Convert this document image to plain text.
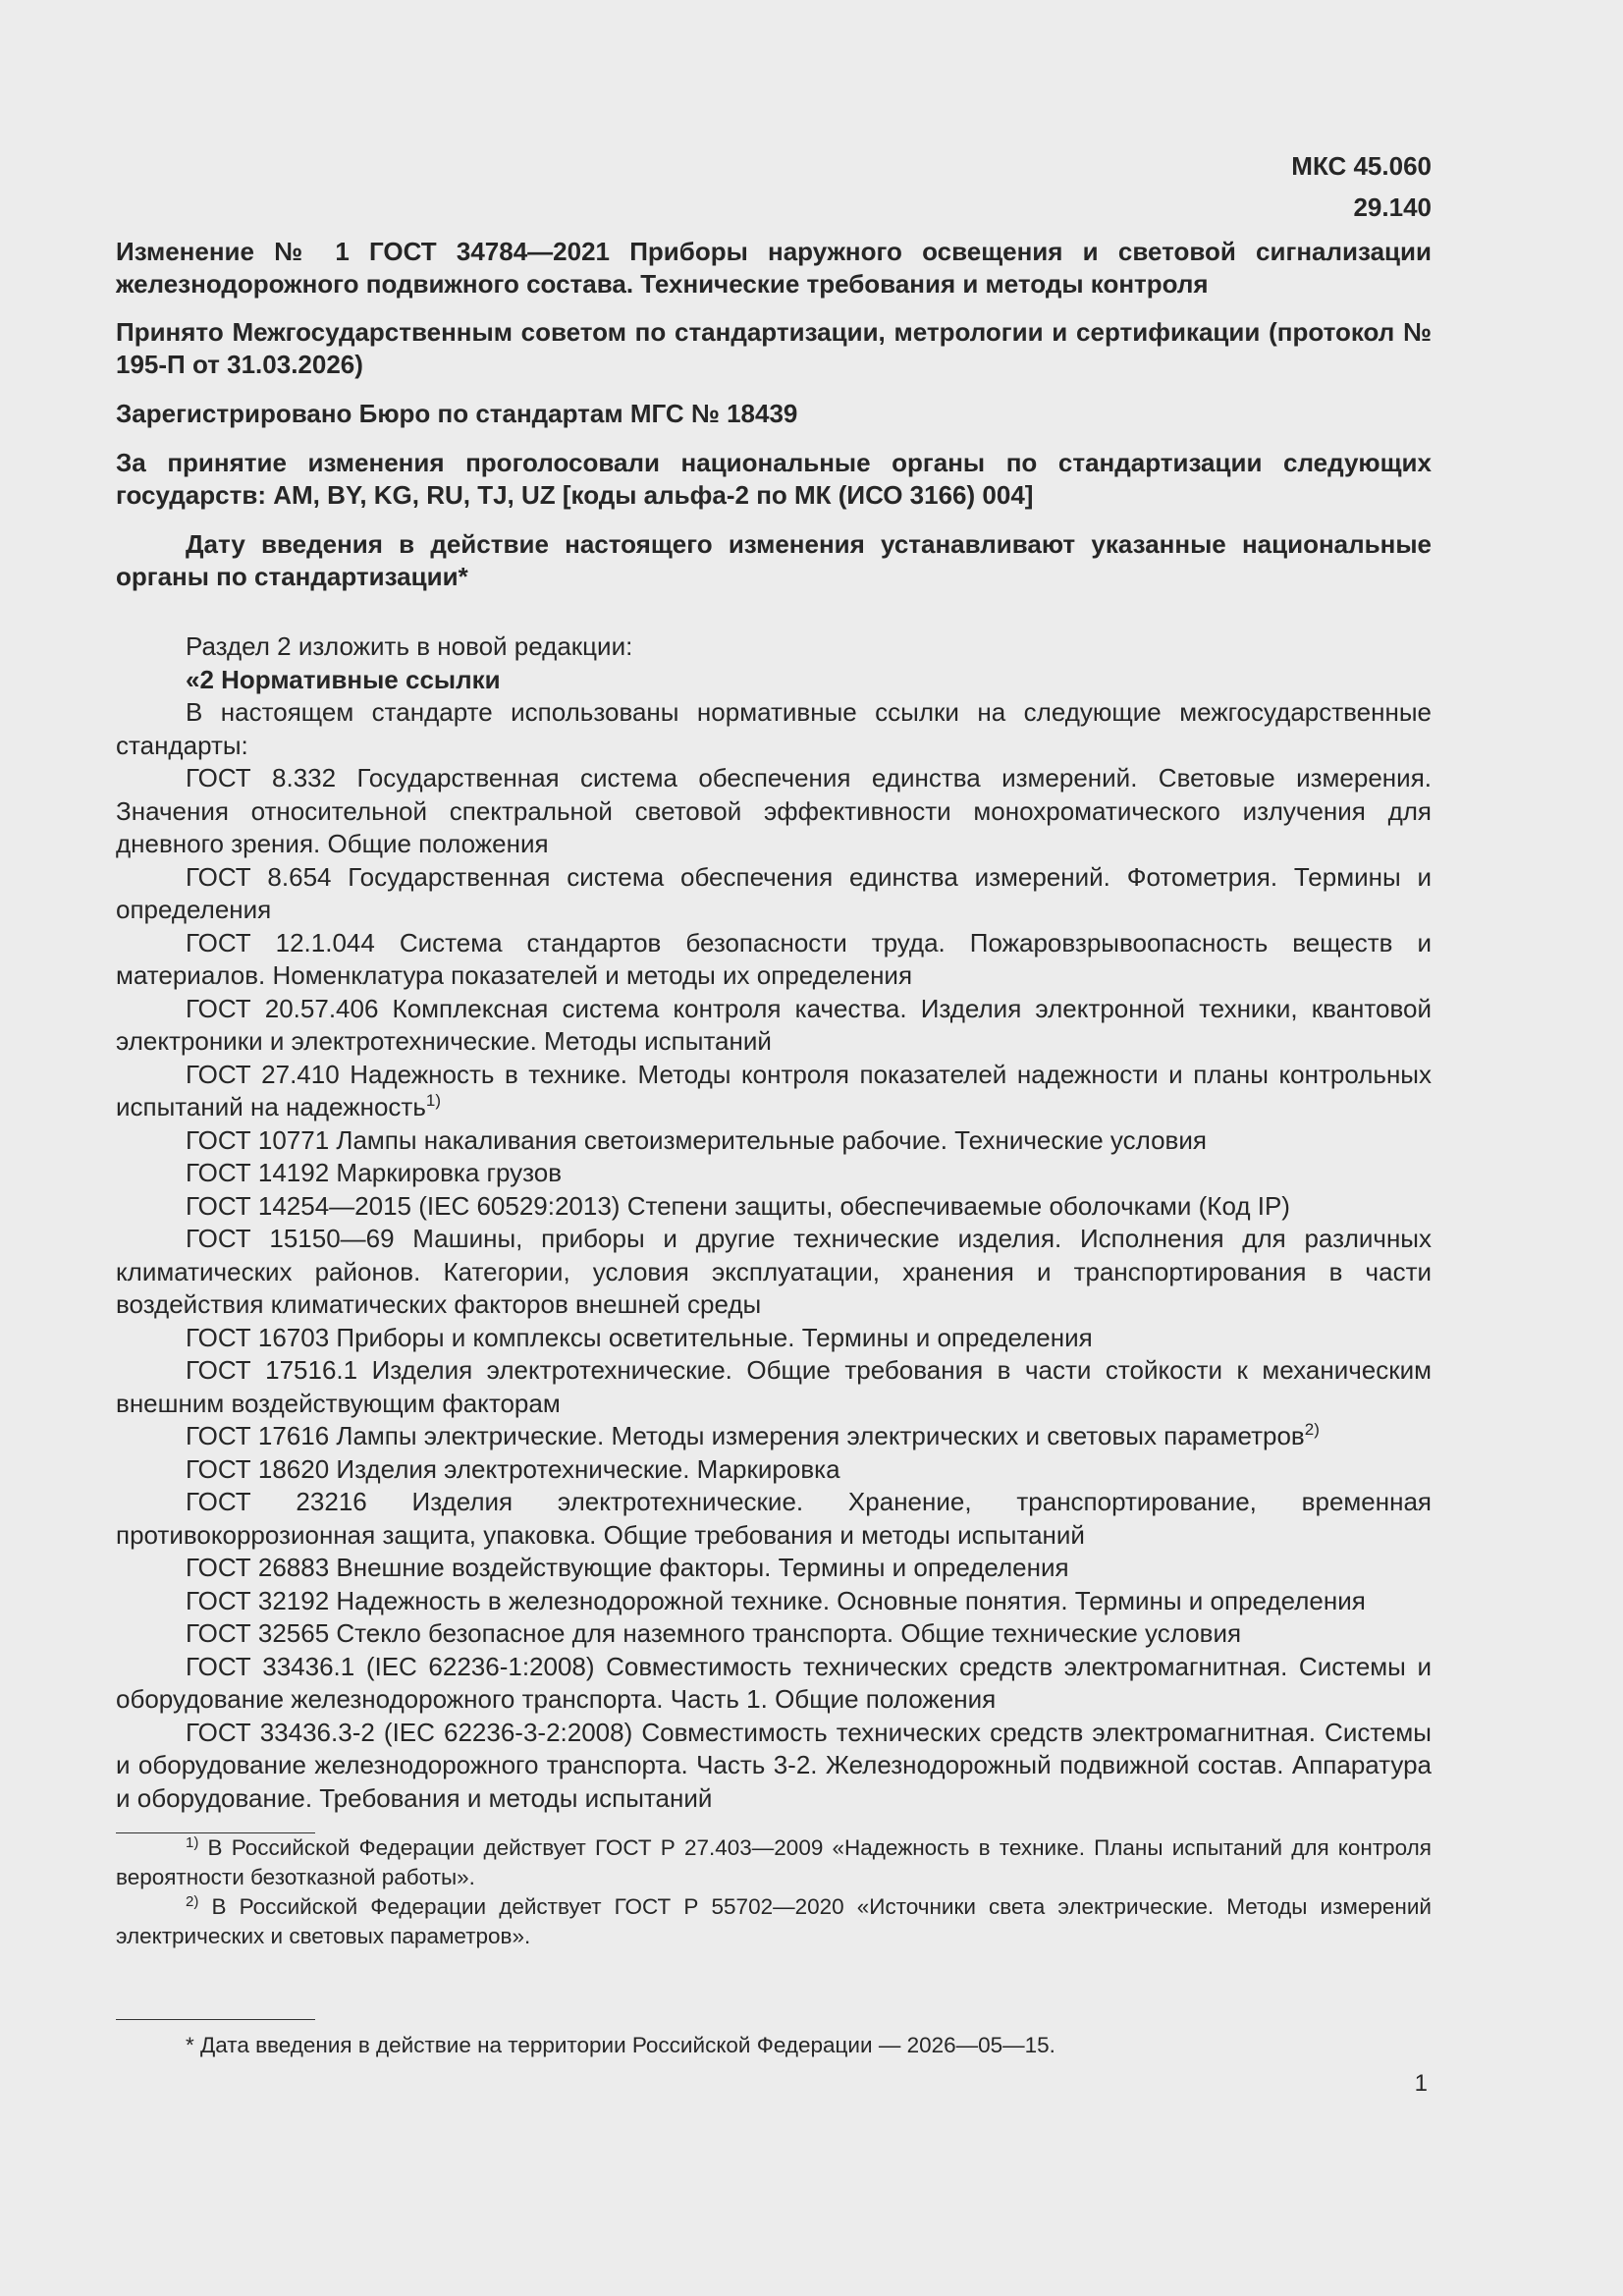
МКС 45.060
29.140

Изменение № 1 ГОСТ 34784—2021 Приборы наружного освещения и световой сигнализации железнодорожного подвижного состава. Технические требования и методы контроля

Принято Межгосударственным советом по стандартизации, метрологии и сертификации (протокол № 195-П от 31.03.2026)

Зарегистрировано Бюро по стандартам МГС № 18439

За принятие изменения проголосовали национальные органы по стандартизации следующих государств: AM, BY, KG, RU, TJ, UZ [коды альфа-2 по МК (ИСО 3166) 004]

Дату введения в действие настоящего изменения устанавливают указанные национальные органы по стандартизации*

Раздел 2 изложить в новой редакции:

«2 Нормативные ссылки

В настоящем стандарте использованы нормативные ссылки на следующие межгосударственные стандарты:

ГОСТ 8.332 Государственная система обеспечения единства измерений. Световые измерения. Значения относительной спектральной световой эффективности монохроматического излучения для дневного зрения. Общие положения

ГОСТ 8.654 Государственная система обеспечения единства измерений. Фотометрия. Термины и определения

ГОСТ 12.1.044 Система стандартов безопасности труда. Пожаровзрывоопасность веществ и материалов. Номенклатура показателей и методы их определения

ГОСТ 20.57.406 Комплексная система контроля качества. Изделия электронной техники, квантовой электроники и электротехнические. Методы испытаний

ГОСТ 27.410 Надежность в технике. Методы контроля показателей надежности и планы контрольных испытаний на надежность$^{1)}$

ГОСТ 10771 Лампы накаливания светоизмерительные рабочие. Технические условия

ГОСТ 14192 Маркировка грузов

ГОСТ 14254—2015 (IEC 60529:2013) Степени защиты, обеспечиваемые оболочками (Код IP)

ГОСТ 15150—69 Машины, приборы и другие технические изделия. Исполнения для различных климатических районов. Категории, условия эксплуатации, хранения и транспортирования в части воздействия климатических факторов внешней среды

ГОСТ 16703 Приборы и комплексы осветительные. Термины и определения

ГОСТ 17516.1 Изделия электротехнические. Общие требования в части стойкости к механическим внешним воздействующим факторам

ГОСТ 17616 Лампы электрические. Методы измерения электрических и световых параметров$^{2)}$

ГОСТ 18620 Изделия электротехнические. Маркировка

ГОСТ 23216 Изделия электротехнические. Хранение, транспортирование, временная противокоррозионная защита, упаковка. Общие требования и методы испытаний

ГОСТ 26883 Внешние воздействующие факторы. Термины и определения

ГОСТ 32192 Надежность в железнодорожной технике. Основные понятия. Термины и определения

ГОСТ 32565 Стекло безопасное для наземного транспорта. Общие технические условия

ГОСТ 33436.1 (IEC 62236-1:2008) Совместимость технических средств электромагнитная. Системы и оборудование железнодорожного транспорта. Часть 1. Общие положения

ГОСТ 33436.3-2 (IEC 62236-3-2:2008) Совместимость технических средств электромагнитная. Системы и оборудование железнодорожного транспорта. Часть 3-2. Железнодорожный подвижной состав. Аппаратура и оборудование. Требования и методы испытаний

$^{1)}$ В Российской Федерации действует ГОСТ Р 27.403—2009 «Надежность в технике. Планы испытаний для контроля вероятности безотказной работы».

$^{2)}$ В Российской Федерации действует ГОСТ Р 55702—2020 «Источники света электрические. Методы измерений электрических и световых параметров».

* Дата введения в действие на территории Российской Федерации — 2026—05—15.
1
